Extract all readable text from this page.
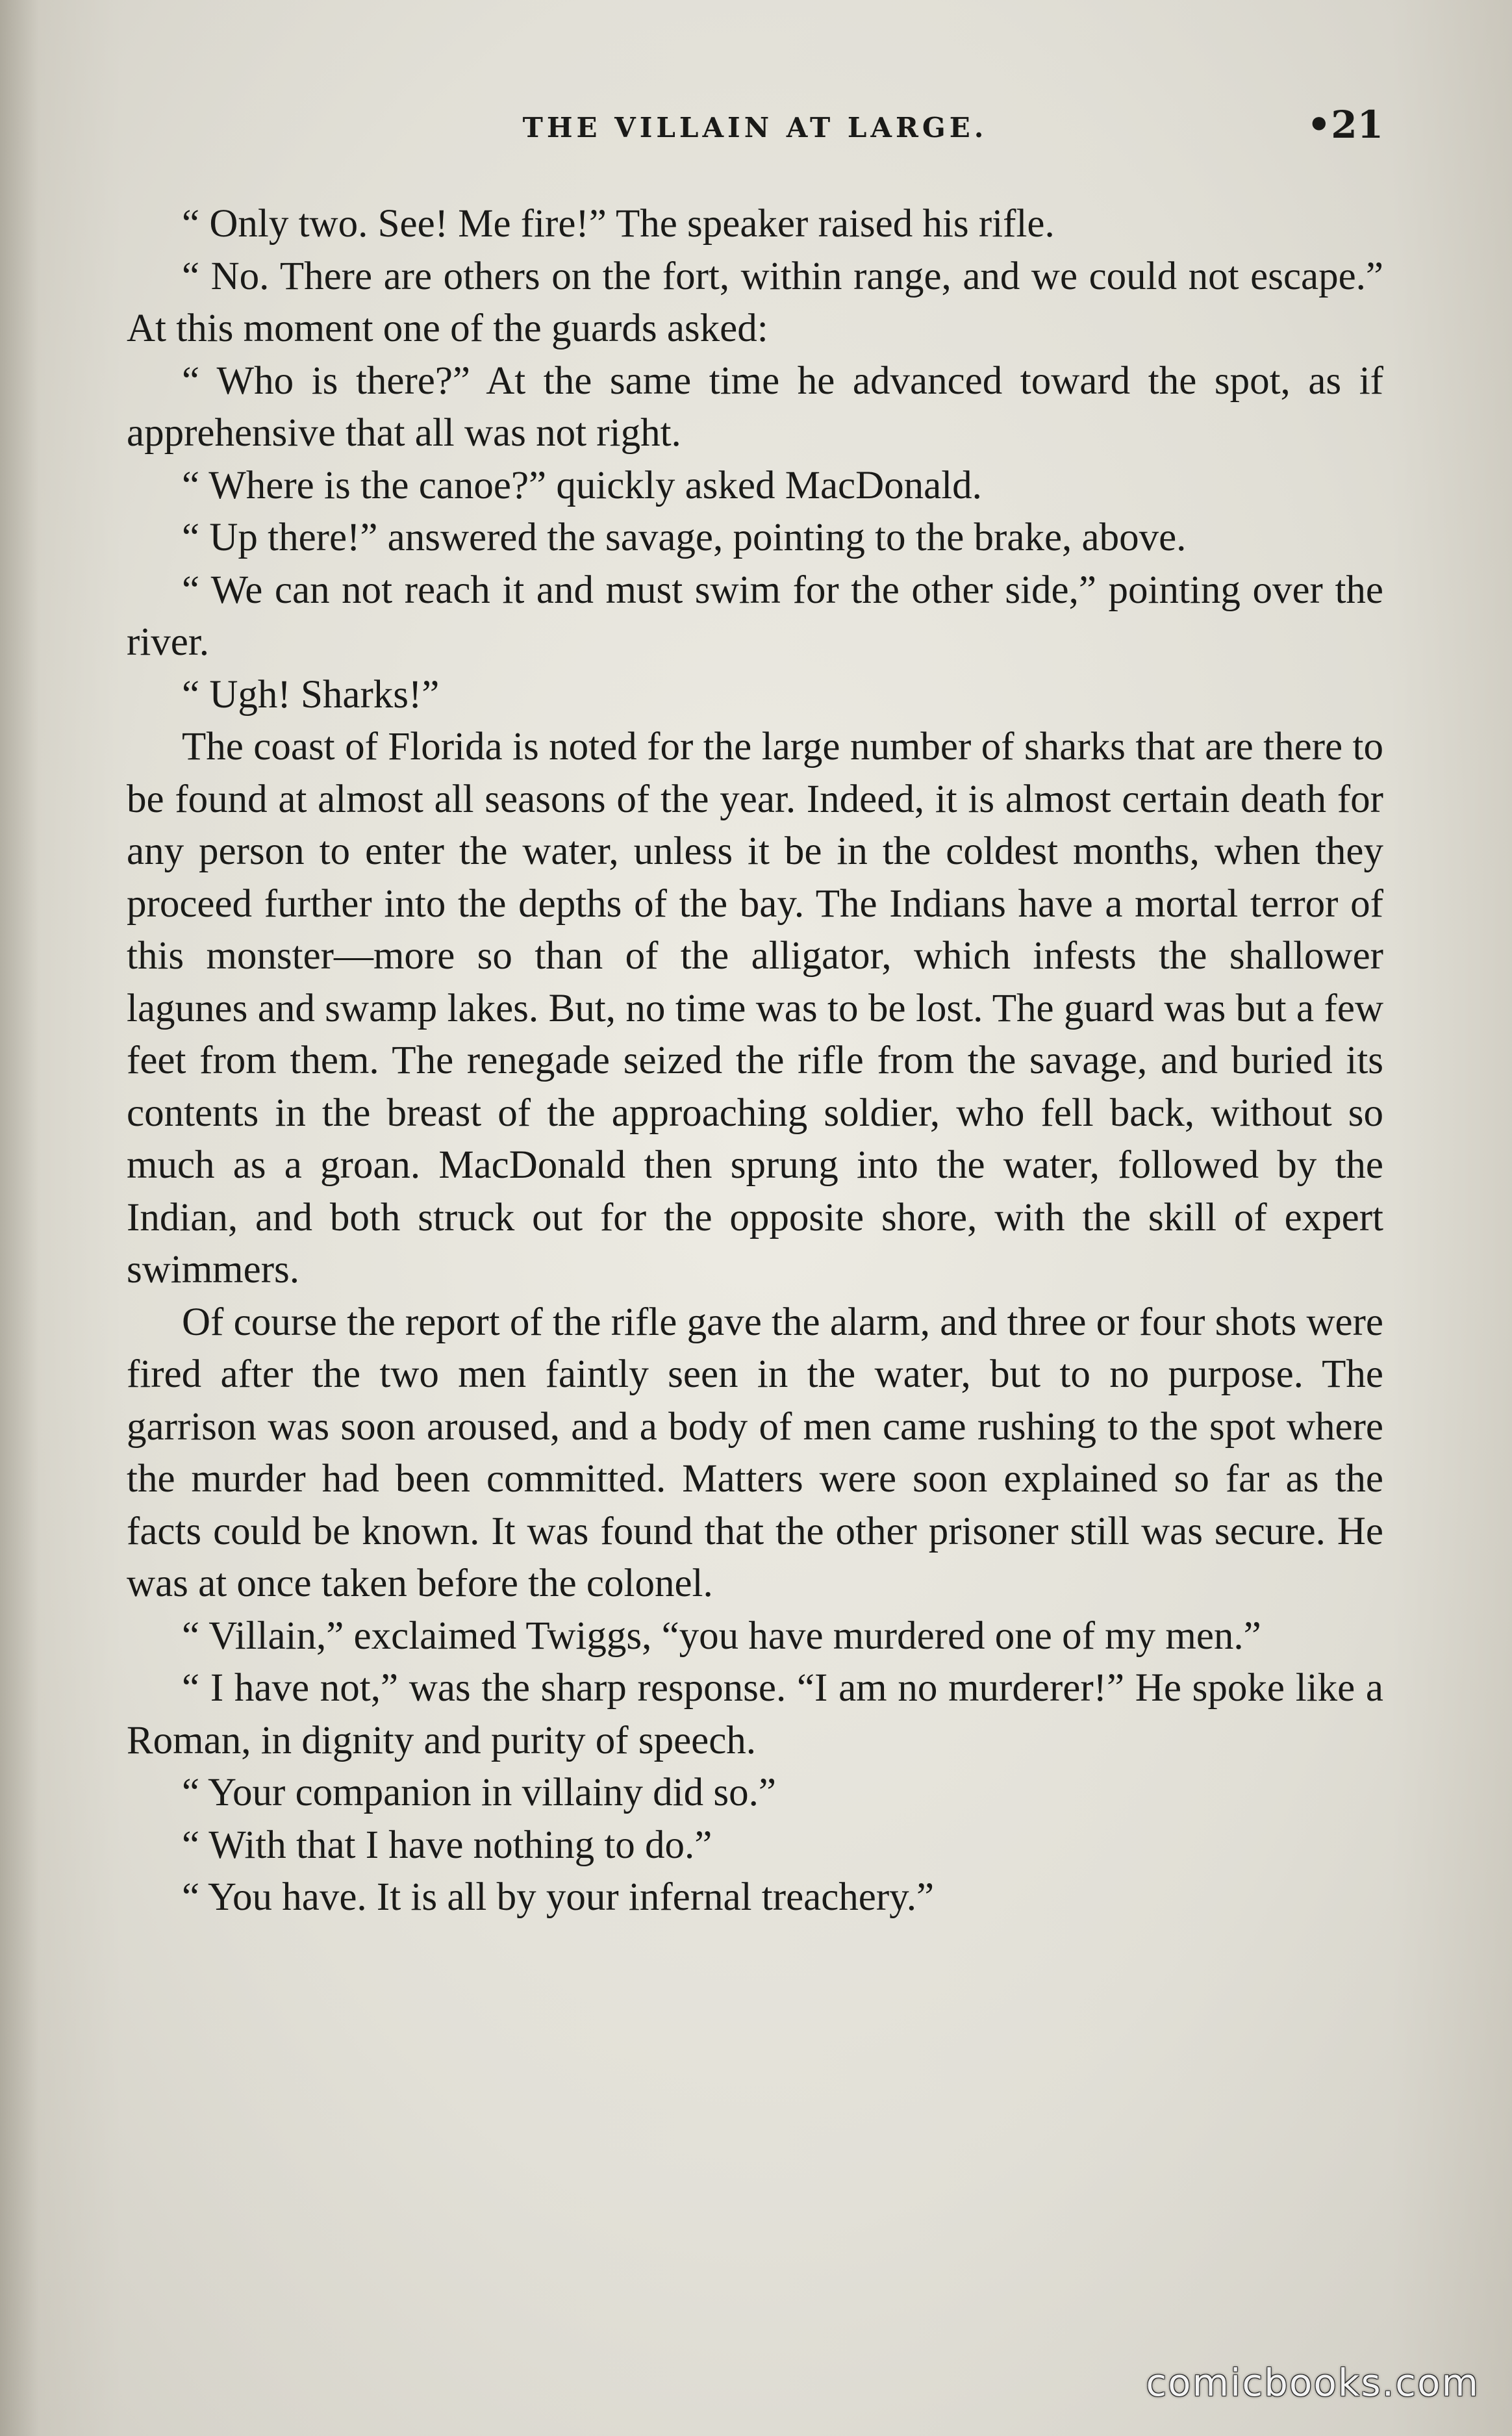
THE VILLAIN AT LARGE.	•21

“ Only two. See! Me fire!” The speaker raised his rifle.

“ No. There are others on the fort, within range, and we could not escape.” At this moment one of the guards asked:

“ Who is there?” At the same time he advanced toward the spot, as if apprehensive that all was not right.

“ Where is the canoe?” quickly asked MacDonald.

“ Up there!” answered the savage, pointing to the brake, above.

“ We can not reach it and must swim for the other side,” pointing over the river.

“ Ugh! Sharks!”

The coast of Florida is noted for the large number of sharks that are there to be found at almost all seasons of the year. Indeed, it is almost certain death for any person to enter the water, unless it be in the coldest months, when they proceed further into the depths of the bay. The Indians have a mortal terror of this monster—more so than of the alligator, which infests the shallower lagunes and swamp lakes. But, no time was to be lost. The guard was but a few feet from them. The renegade seized the rifle from the savage, and buried its contents in the breast of the approaching soldier, who fell back, without so much as a groan. MacDonald then sprung into the water, followed by the Indian, and both struck out for the opposite shore, with the skill of expert swimmers.

Of course the report of the rifle gave the alarm, and three or four shots were fired after the two men faintly seen in the water, but to no purpose. The garrison was soon aroused, and a body of men came rushing to the spot where the murder had been committed. Matters were soon explained so far as the facts could be known. It was found that the other prisoner still was secure. He was at once taken before the colonel.

“ Villain,” exclaimed Twiggs, “you have murdered one of my men.”

“ I have not,” was the sharp response. “I am no murderer!” He spoke like a Roman, in dignity and purity of speech.

“ Your companion in villainy did so.”

“ With that I have nothing to do.”

“ You have. It is all by your infernal treachery.”

comicbooks.com
